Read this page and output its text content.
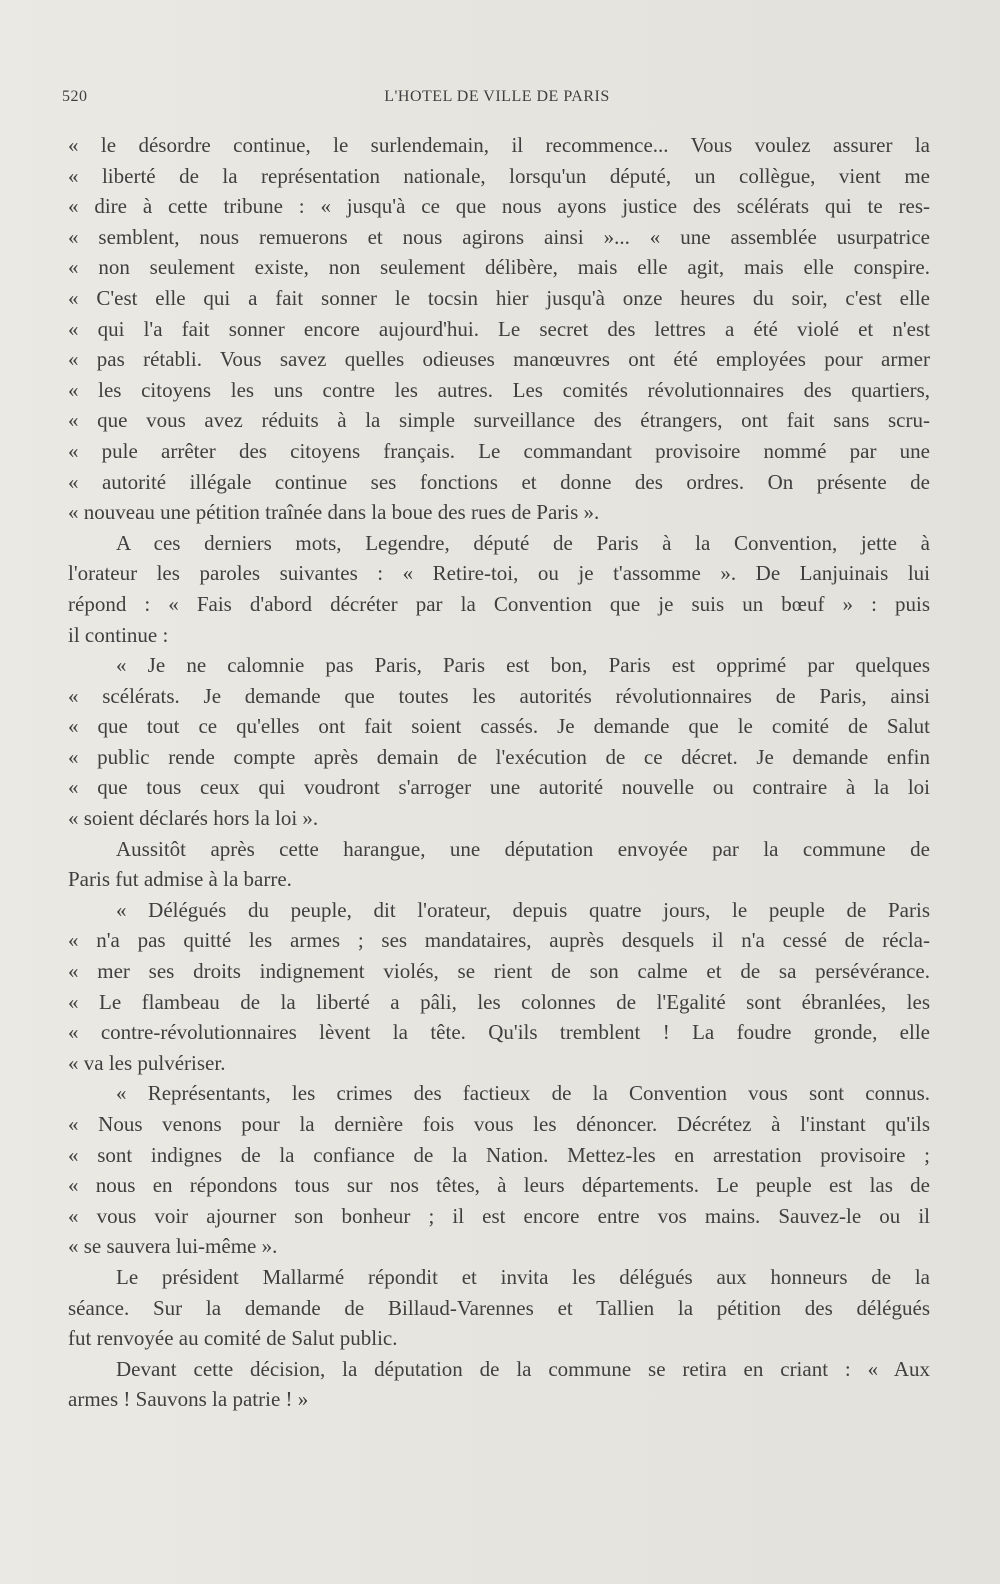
520	L'HOTEL DE VILLE DE PARIS
« le désordre continue, le surlendemain, il recommence... Vous voulez assurer la
« liberté de la représentation nationale, lorsqu'un député, un collègue, vient me
« dire à cette tribune : « jusqu'à ce que nous ayons justice des scélérats qui te res-
« semblent, nous remuerons et nous agirons ainsi »... « une assemblée usurpatrice
« non seulement existe, non seulement délibère, mais elle agit, mais elle conspire.
« C'est elle qui a fait sonner le tocsin hier jusqu'à onze heures du soir, c'est elle
« qui l'a fait sonner encore aujourd'hui. Le secret des lettres a été violé et n'est
« pas rétabli. Vous savez quelles odieuses manœuvres ont été employées pour armer
« les citoyens les uns contre les autres. Les comités révolutionnaires des quartiers,
« que vous avez réduits à la simple surveillance des étrangers, ont fait sans scru-
« pule arrêter des citoyens français. Le commandant provisoire nommé par une
« autorité illégale continue ses fonctions et donne des ordres. On présente de
« nouveau une pétition traînée dans la boue des rues de Paris ».
A ces derniers mots, Legendre, député de Paris à la Convention, jette à
l'orateur les paroles suivantes : « Retire-toi, ou je t'assomme ». De Lanjuinais lui
répond : « Fais d'abord décréter par la Convention que je suis un bœuf » : puis
il continue :
« Je ne calomnie pas Paris, Paris est bon, Paris est opprimé par quelques
« scélérats. Je demande que toutes les autorités révolutionnaires de Paris, ainsi
« que tout ce qu'elles ont fait soient cassés. Je demande que le comité de Salut
« public rende compte après demain de l'exécution de ce décret. Je demande enfin
« que tous ceux qui voudront s'arroger une autorité nouvelle ou contraire à la loi
« soient déclarés hors la loi ».
Aussitôt après cette harangue, une députation envoyée par la commune de
Paris fut admise à la barre.
« Délégués du peuple, dit l'orateur, depuis quatre jours, le peuple de Paris
« n'a pas quitté les armes ; ses mandataires, auprès desquels il n'a cessé de récla-
« mer ses droits indignement violés, se rient de son calme et de sa persévérance.
« Le flambeau de la liberté a pâli, les colonnes de l'Egalité sont ébranlées, les
« contre-révolutionnaires lèvent la tête. Qu'ils tremblent ! La foudre gronde, elle
« va les pulvériser.
« Représentants, les crimes des factieux de la Convention vous sont connus.
« Nous venons pour la dernière fois vous les dénoncer. Décrétez à l'instant qu'ils
« sont indignes de la confiance de la Nation. Mettez-les en arrestation provisoire ;
« nous en répondons tous sur nos têtes, à leurs départements. Le peuple est las de
« vous voir ajourner son bonheur ; il est encore entre vos mains. Sauvez-le ou il
« se sauvera lui-même ».
Le président Mallarmé répondit et invita les délégués aux honneurs de la
séance. Sur la demande de Billaud-Varennes et Tallien la pétition des délégués
fut renvoyée au comité de Salut public.
Devant cette décision, la députation de la commune se retira en criant : « Aux
armes ! Sauvons la patrie ! »
